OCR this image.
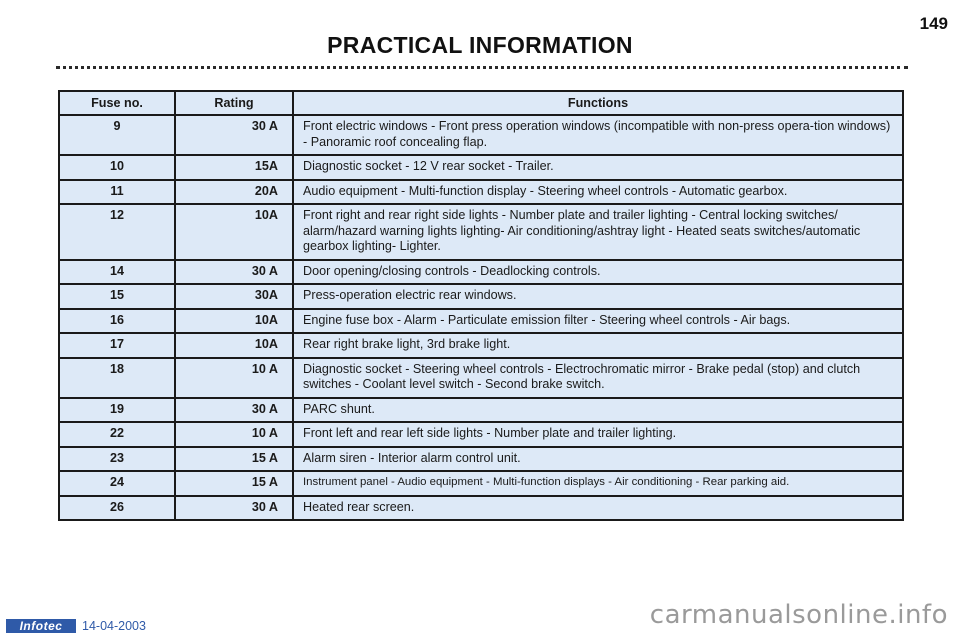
149
PRACTICAL INFORMATION
Fuse no.	Rating	Functions
9	30 A	Front electric windows - Front press operation windows (incompatible with non-press opera-tion windows) - Panoramic roof concealing flap.
10	15A	Diagnostic socket - 12 V rear socket - Trailer.
11	20A	Audio equipment - Multi-function display - Steering wheel controls - Automatic gearbox.
12	10A	Front right and rear right side lights - Number plate and trailer lighting - Central locking switches/ alarm/hazard warning lights lighting- Air conditioning/ashtray light - Heated seats switches/automatic gearbox lighting- Lighter.
14	30 A	Door opening/closing controls - Deadlocking controls.
15	30A	Press-operation electric rear windows.
16	10A	Engine fuse box - Alarm - Particulate emission filter - Steering wheel controls - Air bags.
17	10A	Rear right brake light, 3rd brake light.
18	10 A	Diagnostic socket - Steering wheel controls - Electrochromatic mirror - Brake pedal (stop) and clutch switches - Coolant level switch - Second brake switch.
19	30 A	PARC shunt.
22	10 A	Front left and rear left side lights - Number plate and trailer lighting.
23	15 A	Alarm siren - Interior alarm control unit.
24	15 A	Instrument panel - Audio equipment - Multi-function displays - Air conditioning - Rear parking aid.
26	30 A	Heated rear screen.
Infotec	14-04-2003	carmanualsonline.info
